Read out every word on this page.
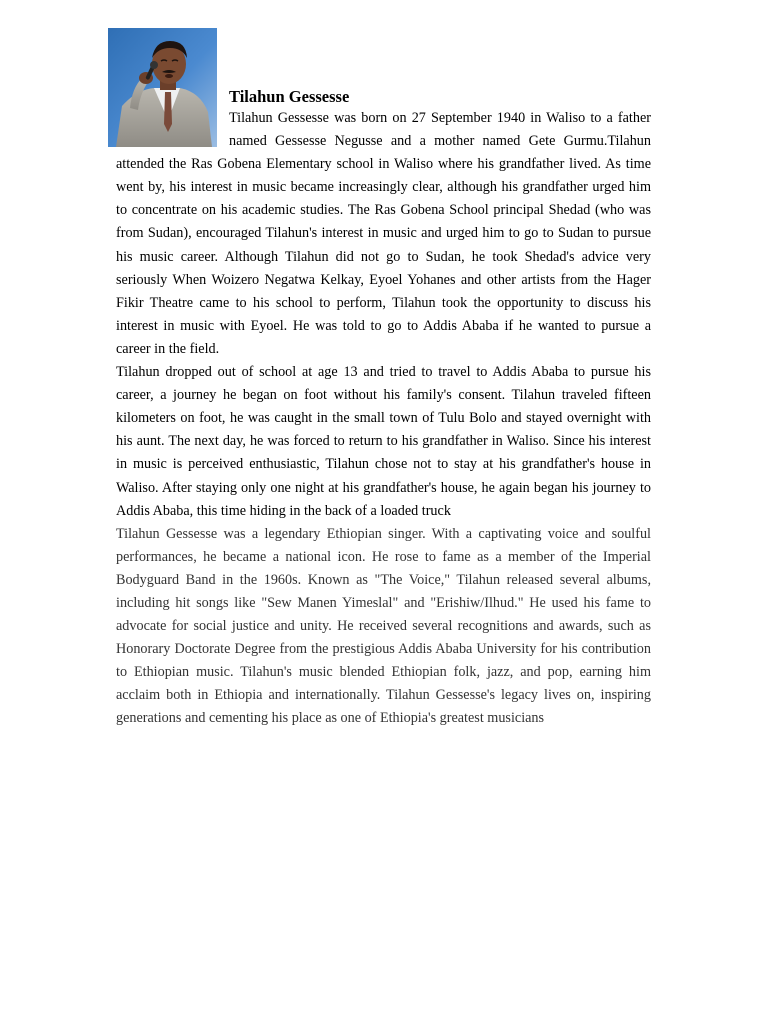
Tilahun Gessesse

Tilahun Gessesse was born on 27 September 1940 in Waliso to a father named Gessesse Negusse and a mother named Gete Gurmu.Tilahun attended the Ras Gobena Elementary school in Waliso where his grandfather lived. As time went by, his interest in music became increasingly clear, although his grandfather urged him to concentrate on his academic studies. The Ras Gobena School principal Shedad (who was from Sudan), encouraged Tilahun's interest in music and urged him to go to Sudan to pursue his music career. Although Tilahun did not go to Sudan, he took Shedad's advice very seriously When Woizero Negatwa Kelkay, Eyoel Yohanes and other artists from the Hager Fikir Theatre came to his school to perform, Tilahun took the opportunity to discuss his interest in music with Eyoel. He was told to go to Addis Ababa if he wanted to pursue a career in the field.

Tilahun dropped out of school at age 13 and tried to travel to Addis Ababa to pursue his career, a journey he began on foot without his family's consent. Tilahun traveled fifteen kilometers on foot, he was caught in the small town of Tulu Bolo and stayed overnight with his aunt. The next day, he was forced to return to his grandfather in Waliso. Since his interest in music is perceived enthusiastic, Tilahun chose not to stay at his grandfather's house in Waliso. After staying only one night at his grandfather's house, he again began his journey to Addis Ababa, this time hiding in the back of a loaded truck

Tilahun Gessesse was a legendary Ethiopian singer. With a captivating voice and soulful performances, he became a national icon. He rose to fame as a member of the Imperial Bodyguard Band in the 1960s. Known as "The Voice," Tilahun released several albums, including hit songs like "Sew Manen Yimeslal" and "Erishiw/Ilhud." He used his fame to advocate for social justice and unity. He received several recognitions and awards, such as Honorary Doctorate Degree from the prestigious Addis Ababa University for his contribution to Ethiopian music. Tilahun's music blended Ethiopian folk, jazz, and pop, earning him acclaim both in Ethiopia and internationally. Tilahun Gessesse's legacy lives on, inspiring generations and cementing his place as one of Ethiopia's greatest musicians
